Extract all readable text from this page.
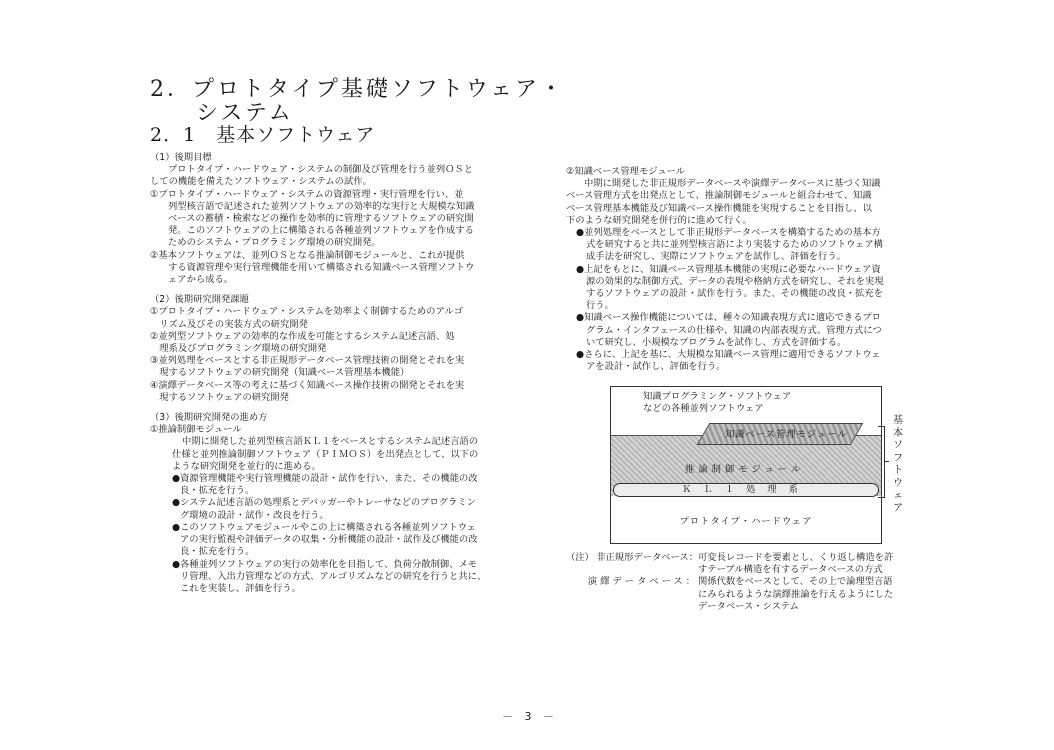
2．プロトタイプ基礎ソフトウェア・
システム
2．1　基本ソフトウェア

（1）後期目標

プロトタイプ・ハードウェア・システムの制御及び管理を行う並列ＯＳと

しての機能を備えたソフトウェア・システムの試作。

①プロトタイプ・ハードウェア・システムの資源管理・実行管理を行い、並

列型核言語で記述された並列ソフトウェアの効率的な実行と大規模な知識

ベースの蓄積・検索などの操作を効率的に管理するソフトウェアの研究開

発。このソフトウェアの上に構築される各種並列ソフトウェアを作成する

ためのシステム・プログラミング環境の研究開発。

②基本ソフトウェアは、並列ＯＳとなる推論制御モジュールと、これが提供

する資源管理や実行管理機能を用いて構築される知識ベース管理ソフトウ

ェアから成る。

（2）後期研究開発課題

①プロトタイプ・ハードウェア・システムを効率よく制御するためのアルゴ

　リズム及びその実装方式の研究開発

②並列型ソフトウェアの効率的な作成を可能とするシステム記述言語、処

　理系及びプログラミング環境の研究開発

③並列処理をベースとする非正規形データベース管理技術の開発とそれを実

　現するソフトウェアの研究開発（知識ベース管理基本機能）

④演繹データベース等の考えに基づく知識ベース操作技術の開発とそれを実

　現するソフトウェアの研究開発

（3）後期研究開発の進め方

①推論制御モジュール

中期に開発した並列型核言語ＫＬ１をベースとするシステム記述言語の

仕様と並列推論制御ソフトウェア（ＰＩＭＯＳ）を出発点として、以下の

ような研究開発を並行的に進める。

●資源管理機能や実行管理機能の設計・試作を行い、また、その機能の改

良・拡充を行う。

●システム記述言語の処理系とデバッガーやトレーサなどのプログラミン

グ環境の設計・試作・改良を行う。

●このソフトウェアモジュールやこの上に構築される各種並列ソフトウェ

アの実行監視や評価データの収集・分析機能の設計・試作及び機能の改

良・拡充を行う。

●各種並列ソフトウェアの実行の効率化を目指して、負荷分散制御、メモ

リ管理、入出力管理などの方式、アルゴリズムなどの研究を行うと共に、

これを実装し、評価を行う。

②知識ベース管理モジュール

中期に開発した非正規形データベースや演繹データベースに基づく知識

ベース管理方式を出発点として、推論制御モジュールと組合わせて、知識

ベース管理基本機能及び知識ベース操作機能を実現することを目指し、以

下のような研究開発を併行的に進めて行く。

●並列処理をベースとして非正規形データベースを構築するための基本方

式を研究すると共に並列型核言語により実装するためのソフトウェア構

成手法を研究し、実際にソフトウェアを試作し、評価を行う。

●上記をもとに、知識ベース管理基本機能の実現に必要なハードウェア資

源の効果的な制御方式、データの表現や格納方式を研究し、それを実現

するソフトウェアの設計・試作を行う。また、その機能の改良・拡充を

行う。

●知識ベース操作機能については、種々の知識表現方式に適応できるプロ

グラム・インタフェースの仕様や、知識の内部表現方式、管理方式につ

いて研究し、小規模なプログラムを試作し、方式を評価する。

●さらに、上記を基に、大規模な知識ベース管理に適用できるソフトウェ

アを設計・試作し、評価を行う。

知識プログラミング・ソフトウェア
などの各種並列ソフトウェア
知識ベース管理モジュール
推論制御モジュール
ＫＬ１処理系
プロトタイプ・ハードウェア
基本ソフトウェア
（注） 非正規形データベース： 可変長レコードを要素とし、くり返し構造を許
すテーブル構造を有するデータベースの方式
演繹データベース： 関係代数をベースとして、その上で論理型言語
にみられるような演繹推論を行えるようにした
データベース・システム
－ 3 －
